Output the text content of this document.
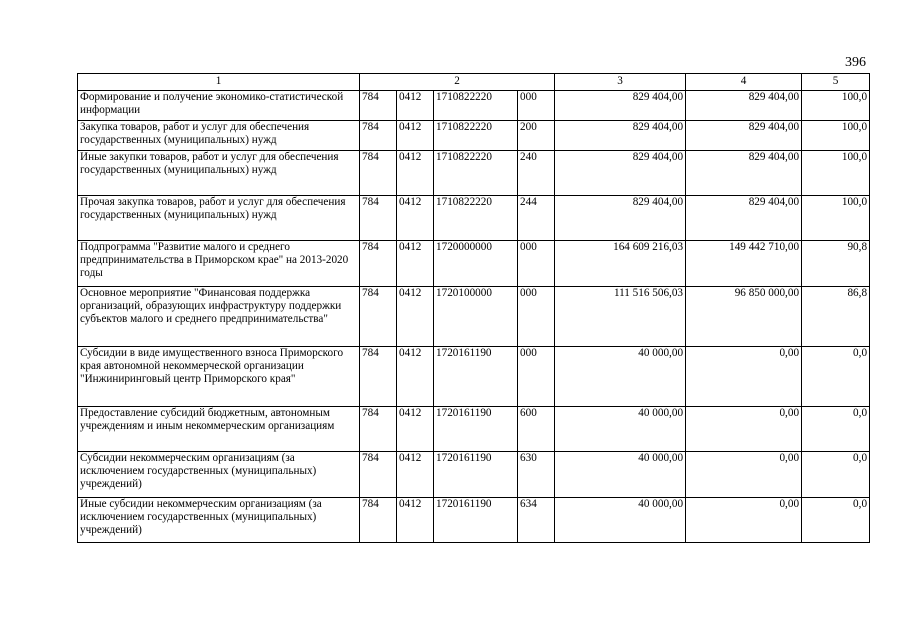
396
1	2				3	4	5
Формирование и получение экономико-статистической информации	784	0412	1710822220	000	829 404,00	829 404,00	100,0
Закупка товаров, работ и услуг для обеспечения государственных (муниципальных) нужд	784	0412	1710822220	200	829 404,00	829 404,00	100,0
Иные закупки товаров, работ и услуг для обеспечения государственных (муниципальных) нужд	784	0412	1710822220	240	829 404,00	829 404,00	100,0
Прочая закупка товаров, работ и услуг для обеспечения государственных (муниципальных) нужд	784	0412	1710822220	244	829 404,00	829 404,00	100,0
Подпрограмма "Развитие малого и среднего предпринимательства в Приморском крае" на 2013-2020 годы	784	0412	1720000000	000	164 609 216,03	149 442 710,00	90,8
Основное мероприятие "Финансовая поддержка организаций, образующих инфраструктуру поддержки субъектов малого и среднего предпринимательства"	784	0412	1720100000	000	111 516 506,03	96 850 000,00	86,8
Субсидии в виде имущественного взноса Приморского края автономной некоммерческой организации "Инжиниринговый центр Приморского края"	784	0412	1720161190	000	40 000,00	0,00	0,0
Предоставление субсидий бюджетным, автономным учреждениям и иным некоммерческим организациям	784	0412	1720161190	600	40 000,00	0,00	0,0
Субсидии некоммерческим организациям (за исключением государственных (муниципальных) учреждений)	784	0412	1720161190	630	40 000,00	0,00	0,0
Иные субсидии некоммерческим организациям (за исключением государственных (муниципальных) учреждений)	784	0412	1720161190	634	40 000,00	0,00	0,0
